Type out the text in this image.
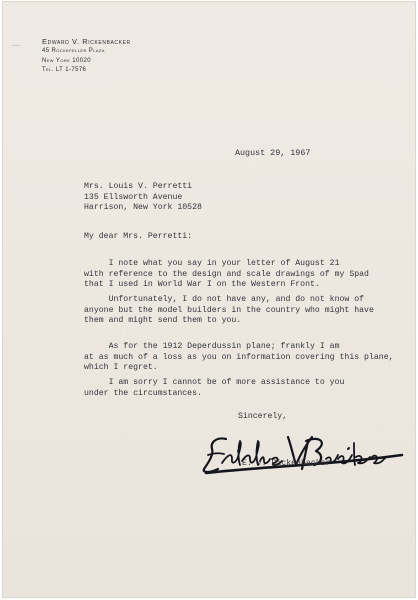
Edward V. Rickenbacker
45 Rockefeller Plaza
New York 10020
Tel. LT 1-7576
August 29, 1967
Mrs. Louis V. Perretti
135 Ellsworth Avenue
Harrison, New York 10528
My dear Mrs. Perretti:
I note what you say in your letter of August 21
with reference to the design and scale drawings of my Spad
that I used in World War I on the Western Front.
Unfortunately, I do not have any, and do not know of
anyone but the model builders in the country who might have
them and might send them to you.
As for the 1912 Deperdussin plane; frankly I am
at as much of a loss as you on information covering this plane,
which I regret.
I am sorry I cannot be of more assistance to you
under the circumstances.
Sincerely,
E. V. Rickenbacker
